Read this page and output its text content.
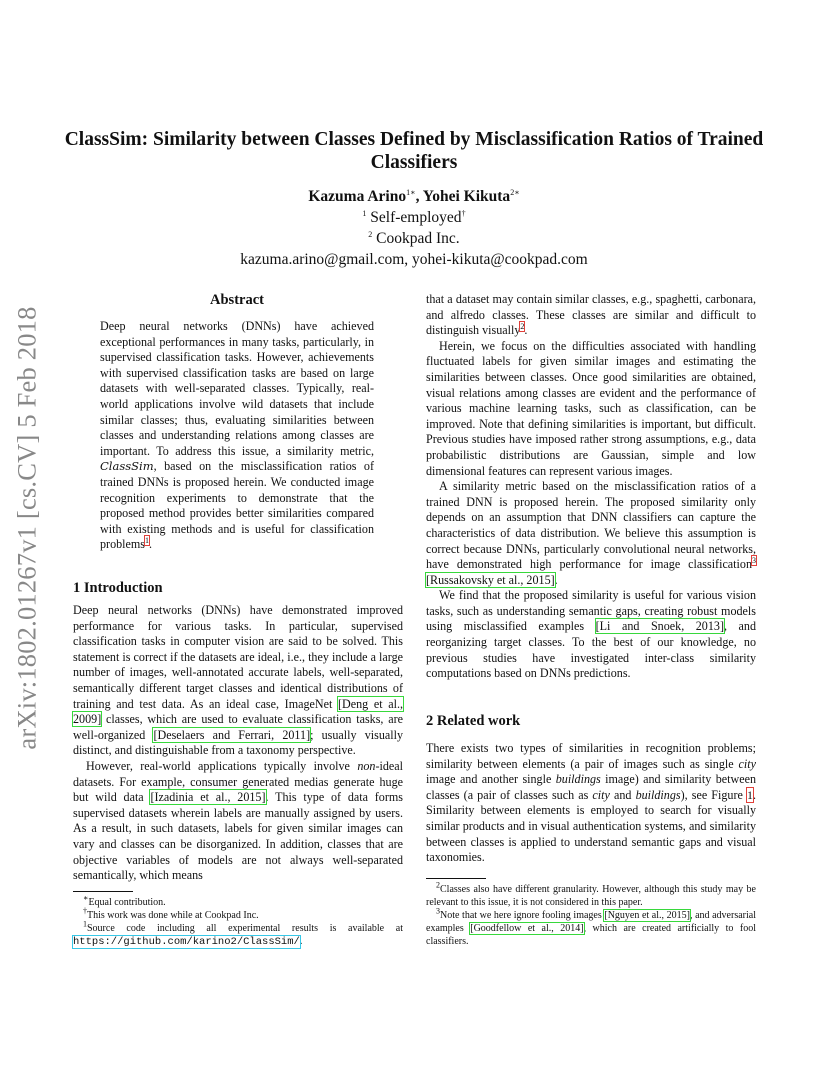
arXiv:1802.01267v1 [cs.CV] 5 Feb 2018
ClassSim: Similarity between Classes Defined by Misclassification Ratios of Trained Classifiers
Kazuma Arino$^{1∗}$, Yohei Kikuta$^{2∗}$
$^1$ Self-employed†
$^2$ Cookpad Inc.
kazuma.arino@gmail.com, yohei-kikuta@cookpad.com
Abstract

Deep neural networks (DNNs) have achieved exceptional performances in many tasks, particularly, in supervised classification tasks. However, achievements with supervised classification tasks are based on large datasets with well-separated classes. Typically, real-world applications involve wild datasets that include similar classes; thus, evaluating similarities between classes and understanding relations among classes are important. To address this issue, a similarity metric, ClassSim, based on the misclassification ratios of trained DNNs is proposed herein. We conducted image recognition experiments to demonstrate that the proposed method provides better similarities compared with existing methods and is useful for classification problems$^1$.

1 Introduction

Deep neural networks (DNNs) have demonstrated improved performance for various tasks. In particular, supervised classification tasks in computer vision are said to be solved. This statement is correct if the datasets are ideal, i.e., they include a large number of images, well-annotated accurate labels, well-separated, semantically different target classes and identical distributions of training and test data. As an ideal case, ImageNet [Deng et al., 2009] classes, which are used to evaluate classification tasks, are well-organized [Deselaers and Ferrari, 2011]; usually visually distinct, and distinguishable from a taxonomy perspective.

However, real-world applications typically involve non-ideal datasets. For example, consumer generated medias generate huge but wild data [Izadinia et al., 2015]. This type of data forms supervised datasets wherein labels are manually assigned by users. As a result, in such datasets, labels for given similar images can vary and classes can be disorganized. In addition, classes that are objective variables of models are not always well-separated semantically, which means

∗Equal contribution.

†This work was done while at Cookpad Inc.

$^1$Source code including all experimental results is available at https://github.com/karino2/ClassSim/.

that a dataset may contain similar classes, e.g., spaghetti, carbonara, and alfredo classes. These classes are similar and difficult to distinguish visually$^2$.

Herein, we focus on the difficulties associated with handling fluctuated labels for given similar images and estimating the similarities between classes. Once good similarities are obtained, visual relations among classes are evident and the performance of various machine learning tasks, such as classification, can be improved. Note that defining similarities is important, but difficult. Previous studies have imposed rather strong assumptions, e.g., data probabilistic distributions are Gaussian, simple and low dimensional features can represent various images.

A similarity metric based on the misclassification ratios of a trained DNN is proposed herein. The proposed similarity only depends on an assumption that DNN classifiers can capture the characteristics of data distribution. We believe this assumption is correct because DNNs, particularly convolutional neural networks, have demonstrated high performance for image classification$^3$ [Russakovsky et al., 2015].

We find that the proposed similarity is useful for various vision tasks, such as understanding semantic gaps, creating robust models using misclassified examples [Li and Snoek, 2013], and reorganizing target classes. To the best of our knowledge, no previous studies have investigated inter-class similarity computations based on DNNs predictions.

2 Related work

There exists two types of similarities in recognition problems; similarity between elements (a pair of images such as single city image and another single buildings image) and similarity between classes (a pair of classes such as city and buildings), see Figure 1. Similarity between elements is employed to search for visually similar products and in visual authentication systems, and similarity between classes is applied to understand semantic gaps and visual taxonomies.

$^2$Classes also have different granularity. However, although this study may be relevant to this issue, it is not considered in this paper.

$^3$Note that we here ignore fooling images [Nguyen et al., 2015], and adversarial examples [Goodfellow et al., 2014], which are created artificially to fool classifiers.
